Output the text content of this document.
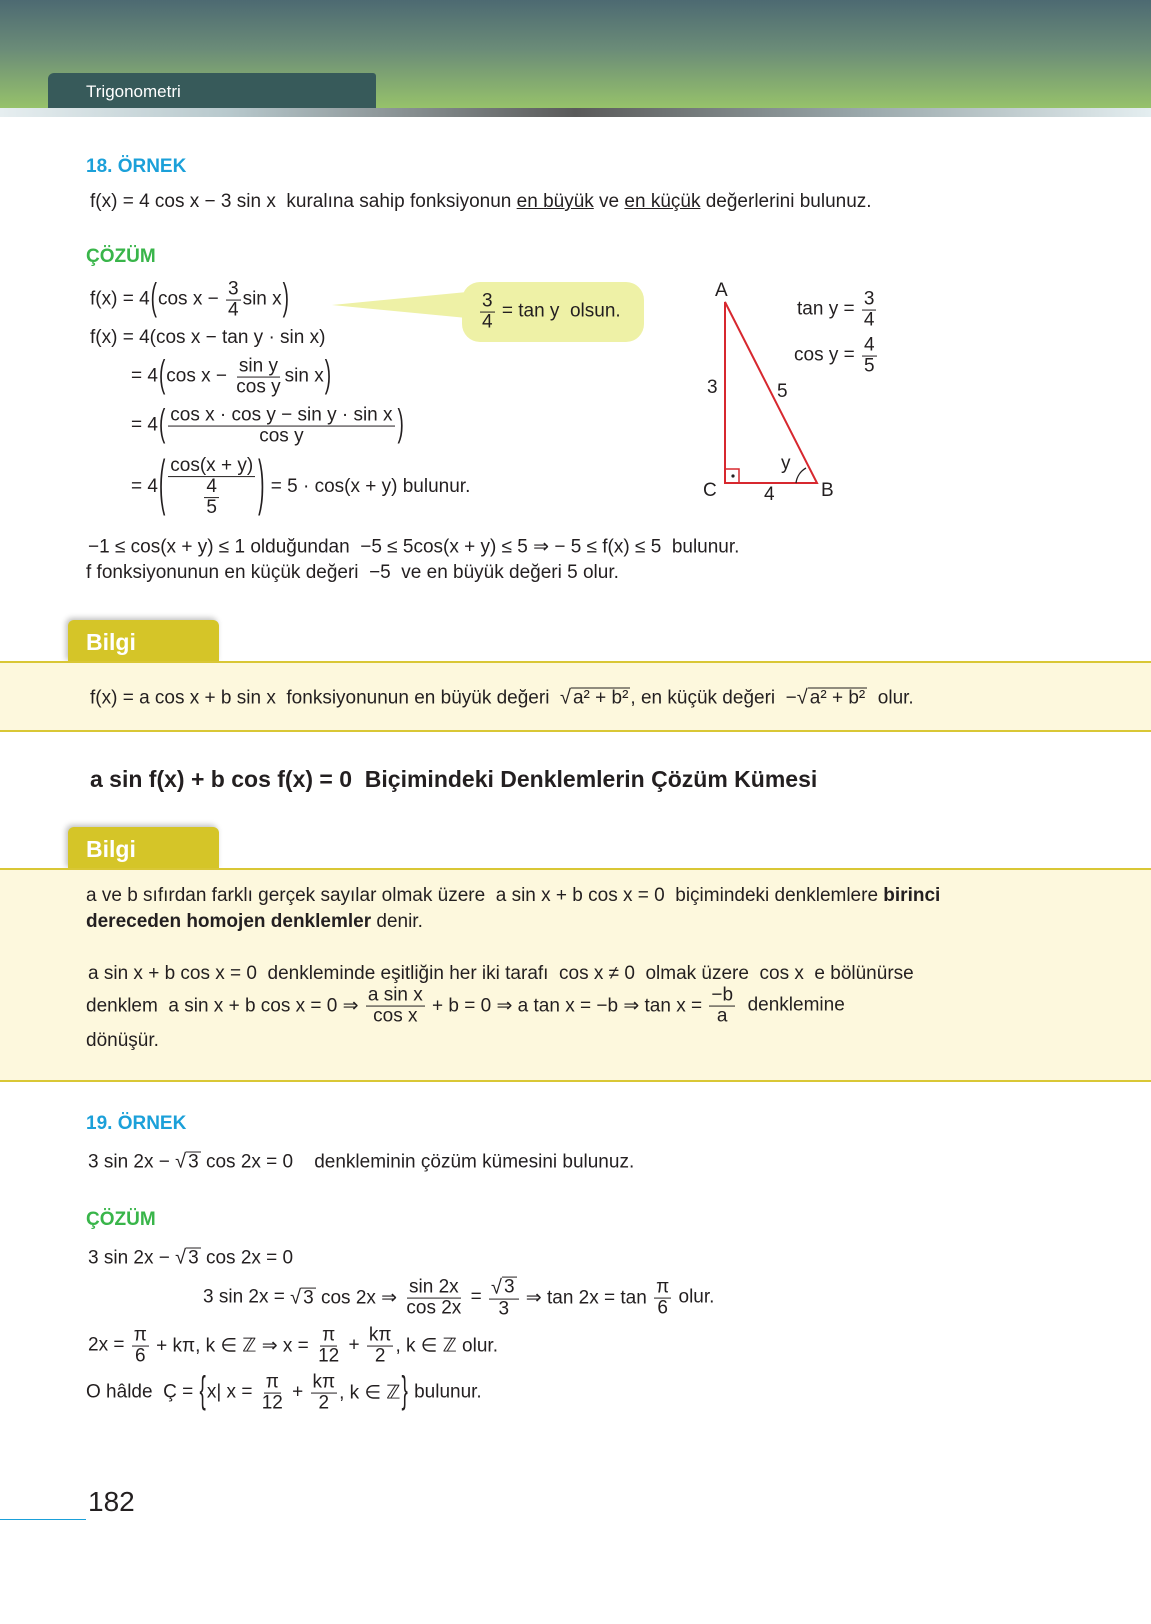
Trigonometri
18. ÖRNEK
f(x) = 4 cos x − 3 sin x  kuralına sahip fonksiyonun en büyük ve en küçük değerlerini bulunuz.
ÇÖZÜM
f(x) = 4 ( $\cos x - \frac{3}{4}$ sin x )
f(x) = 4(cos x − tan y · sin x)
= 4 ( $\cos x - \frac{\text{sin y}}{\text{cos y}}$ sin x )
= 4 ( $\frac{\text{cos x · cos y − sin y · sin x}}{\text{cos y}}$ )
= 4 ( $\frac{\cos(x + y)}{\frac{4}{5}}$ ) = 5 · cos(x + y) bulunur.
$\frac{3}{4} = \tan y$  olsun.
A
3	5
C 4 B
y
$\tan y = \frac{3}{4}$
$\cos y = \frac{4}{5}$
−1 ≤ cos(x + y) ≤ 1 olduğundan  −5 ≤ 5cos(x + y) ≤ 5 ⇒ − 5 ≤ f(x) ≤ 5  bulunur.
f fonksiyonunun en küçük değeri  −5  ve en büyük değeri 5 olur.
Bilgi
f(x) = a cos x + b sin x  fonksiyonunun en büyük değeri √ a² + b² , en küçük değeri  − √ a² + b² olur.
a sin f(x) + b cos f(x) = 0  Biçimindeki Denklemlerin Çözüm Kümesi
Bilgi
a ve b sıfırdan farklı gerçek sayılar olmak üzere  a sin x + b cos x = 0  biçimindeki denklemlere birinci
dereceden homojen denklemler denir.
a sin x + b cos x = 0  denkleminde eşitliğin her iki tarafı  cos x ≠ 0  olmak üzere  cos x  e bölünürse
denklem  a sin x + b cos x = 0 ⇒ $\frac{\text{a sin x}}{\text{cos x}} + b = 0$ ⇒ a tan x = −b ⇒ $\tan x = \frac{-b}{a}$ denklemine
dönüşür.
19. ÖRNEK
3 sin 2x − √ 3 cos 2x = 0    denkleminin çözüm kümesini bulunuz.
ÇÖZÜM
3 sin 2x − √ 3 cos 2x = 0
3 sin 2x = √ 3 cos 2x ⇒ $\frac{\sin 2x}{\cos 2x} = \frac{√ 3}{3}$ ⇒ $\tan 2x = \tan \frac{\pi}{6}$ olur.
$2x = \frac{\pi}{6} + k\pi$, k ∈ ℤ ⇒ $x = \frac{\pi}{12} + \frac{k\pi}{2}$ , k ∈ ℤ olur.
O hâlde  Ç = { x| $x = \frac{\pi}{12} + \frac{k\pi}{2}$ , k ∈ ℤ } bulunur.
182
